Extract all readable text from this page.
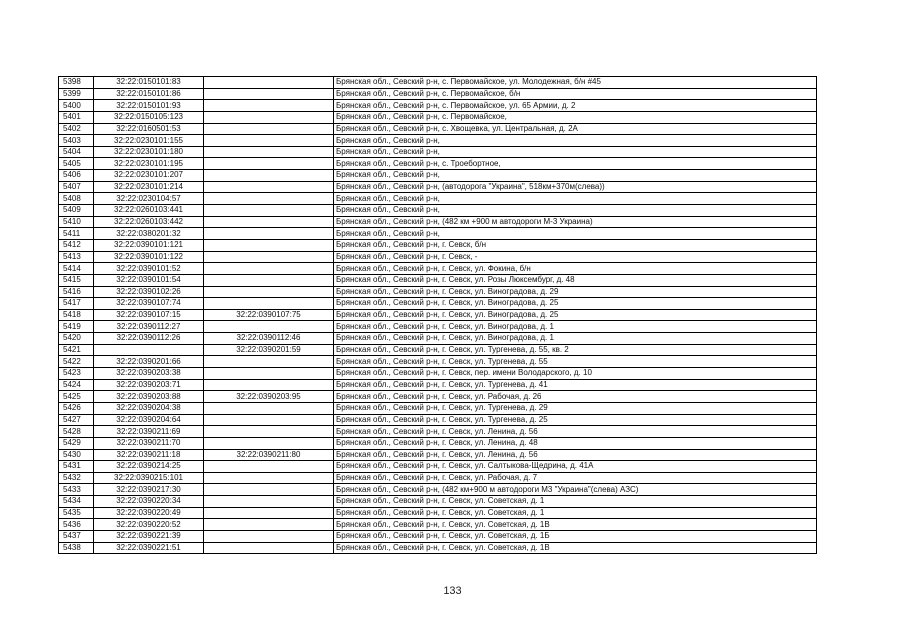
5398	32:22:0150101:83		Брянская обл., Севский р-н, с. Первомайское, ул. Молодежная, б/н #45
5399	32:22:0150101:86		Брянская обл., Севский р-н, с. Первомайское, б/н
5400	32:22:0150101:93		Брянская обл., Севский р-н, с. Первомайское, ул. 65 Армии, д. 2
5401	32:22:0150105:123		Брянская обл., Севский р-н, с. Первомайское,
5402	32:22:0160501:53		Брянская обл., Севский р-н, с. Хвощевка, ул. Центральная, д. 2А
5403	32:22:0230101:155		Брянская обл., Севский р-н,
5404	32:22:0230101:180		Брянская обл., Севский р-н,
5405	32:22:0230101:195		Брянская обл., Севский р-н, с. Троебортное,
5406	32:22:0230101:207		Брянская обл., Севский р-н,
5407	32:22:0230101:214		Брянская обл., Севский р-н, (автодорога "Украина", 518км+370м(слева))
5408	32:22:0230104:57		Брянская обл., Севский р-н,
5409	32:22:0260103:441		Брянская обл., Севский р-н,
5410	32:22:0260103:442		Брянская обл., Севский р-н, (482 км +900 м автодороги М-3 Украина)
5411	32:22:0380201:32		Брянская обл., Севский р-н,
5412	32:22:0390101:121		Брянская обл., Севский р-н, г. Севск, б/н
5413	32:22:0390101:122		Брянская обл., Севский р-н, г. Севск, -
5414	32:22:0390101:52		Брянская обл., Севский р-н, г. Севск, ул. Фокина, б/н
5415	32:22:0390101:54		Брянская обл., Севский р-н, г. Севск, ул. Розы Люксембург, д. 48
5416	32:22:0390102:26		Брянская обл., Севский р-н, г. Севск, ул. Виноградова, д. 29
5417	32:22:0390107:74		Брянская обл., Севский р-н, г. Севск, ул. Виноградова, д. 25
5418	32:22:0390107:15	32:22:0390107:75	Брянская обл., Севский р-н, г. Севск, ул. Виноградова, д. 25
5419	32:22:0390112:27		Брянская обл., Севский р-н, г. Севск, ул. Виноградова, д. 1
5420	32:22:0390112:26	32:22:0390112:46	Брянская обл., Севский р-н, г. Севск, ул. Виноградова, д. 1
5421		32:22:0390201:59	Брянская обл., Севский р-н, г. Севск, ул. Тургенева, д. 55, кв. 2
5422	32:22:0390201:66		Брянская обл., Севский р-н, г. Севск, ул. Тургенева, д. 55
5423	32:22:0390203:38		Брянская обл., Севский р-н, г. Севск, пер. имени Володарского, д. 10
5424	32:22:0390203:71		Брянская обл., Севский р-н, г. Севск, ул. Тургенева, д. 41
5425	32:22:0390203:88	32:22:0390203:95	Брянская обл., Севский р-н, г. Севск, ул. Рабочая, д. 26
5426	32:22:0390204:38		Брянская обл., Севский р-н, г. Севск, ул. Тургенева, д. 29
5427	32:22:0390204:64		Брянская обл., Севский р-н, г. Севск, ул. Тургенева, д. 25
5428	32:22:0390211:69		Брянская обл., Севский р-н, г. Севск, ул. Ленина, д. 56
5429	32:22:0390211:70		Брянская обл., Севский р-н, г. Севск, ул. Ленина, д. 48
5430	32:22:0390211:18	32:22:0390211:80	Брянская обл., Севский р-н, г. Севск, ул. Ленина, д. 56
5431	32:22:0390214:25		Брянская обл., Севский р-н, г. Севск, ул. Салтыкова-Щедрина, д. 41А
5432	32:22:0390215:101		Брянская обл., Севский р-н, г. Севск, ул. Рабочая, д. 7
5433	32:22:0390217:30		Брянская обл., Севский р-н, (482 км+900 м автодороги М3 "Украина"(слева) АЗС)
5434	32:22:0390220:34		Брянская обл., Севский р-н, г. Севск, ул. Советская, д. 1
5435	32:22:0390220:49		Брянская обл., Севский р-н, г. Севск, ул. Советская, д. 1
5436	32:22:0390220:52		Брянская обл., Севский р-н, г. Севск, ул. Советская, д. 1В
5437	32:22:0390221:39		Брянская обл., Севский р-н, г. Севск, ул. Советская, д. 1Б
5438	32:22:0390221:51		Брянская обл., Севский р-н, г. Севск, ул. Советская, д. 1В
133
